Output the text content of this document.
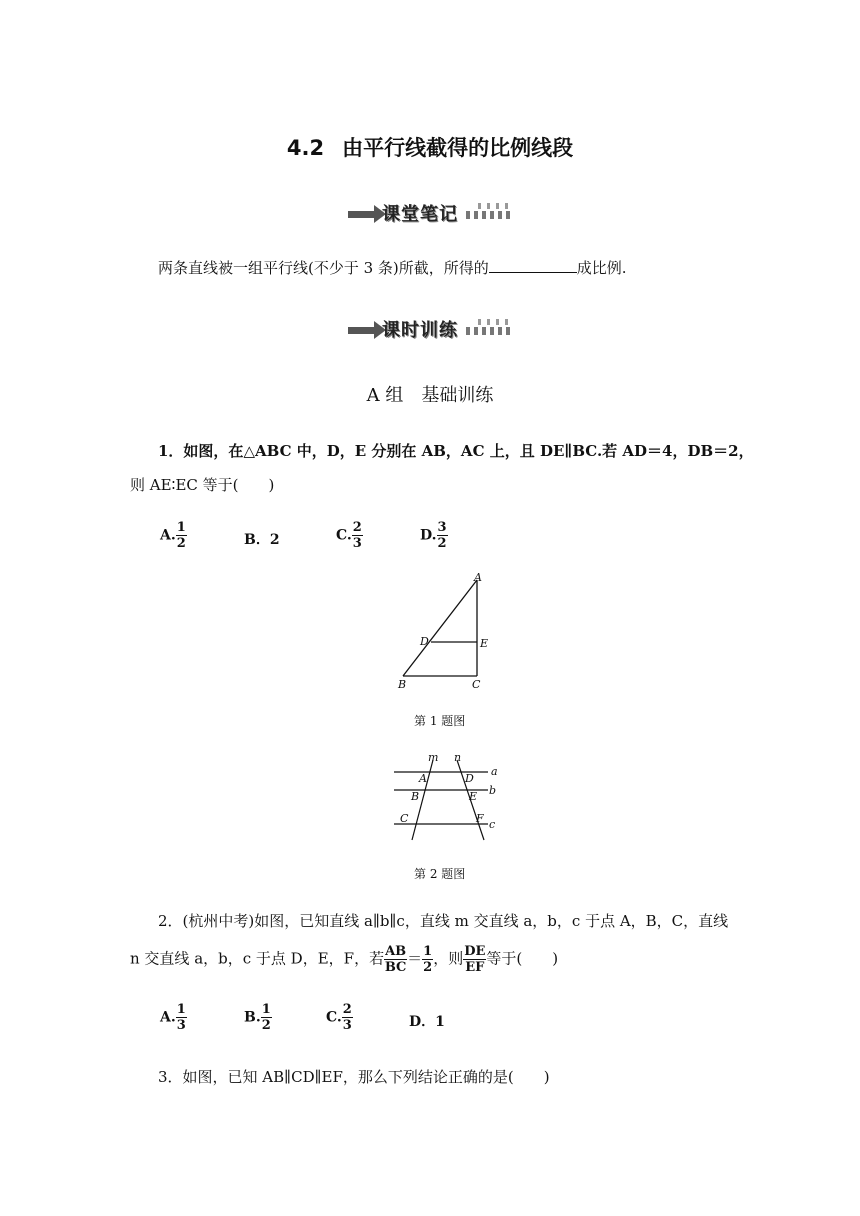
4.2 由平行线截得的比例线段
课堂笔记
两条直线被一组平行线(不少于 3 条)所截，所得的	成比例.
课时训练
A 组　基础训练
1．如图，在△ABC 中，D，E 分别在 AB，AC 上，且 DE∥BC.若 AD＝4，DB＝2，
则 AE∶EC 等于(　　)
A. $\frac{1}{2}$	B．2	C. $\frac{2}{3}$	D. $\frac{3}{2}$
A
D	E
B	C
第 1 题图
m n
a
b
c
A	D
B	E
C	F
第 2 题图
2．(杭州中考)如图，已知直线 a∥b∥c，直线 m 交直线 a，b，c 于点 A，B，C，直线
n 交直线 a，b，c 于点 D，E，F，若 $\frac{AB}{BC} = \frac{1}{2}$ ，则 $\frac{DE}{EF}$ 等于(　　)
A. $\frac{1}{3}$	B. $\frac{1}{2}$	C. $\frac{2}{3}$	D．1
3．如图，已知 AB∥CD∥EF，那么下列结论正确的是(　　)
